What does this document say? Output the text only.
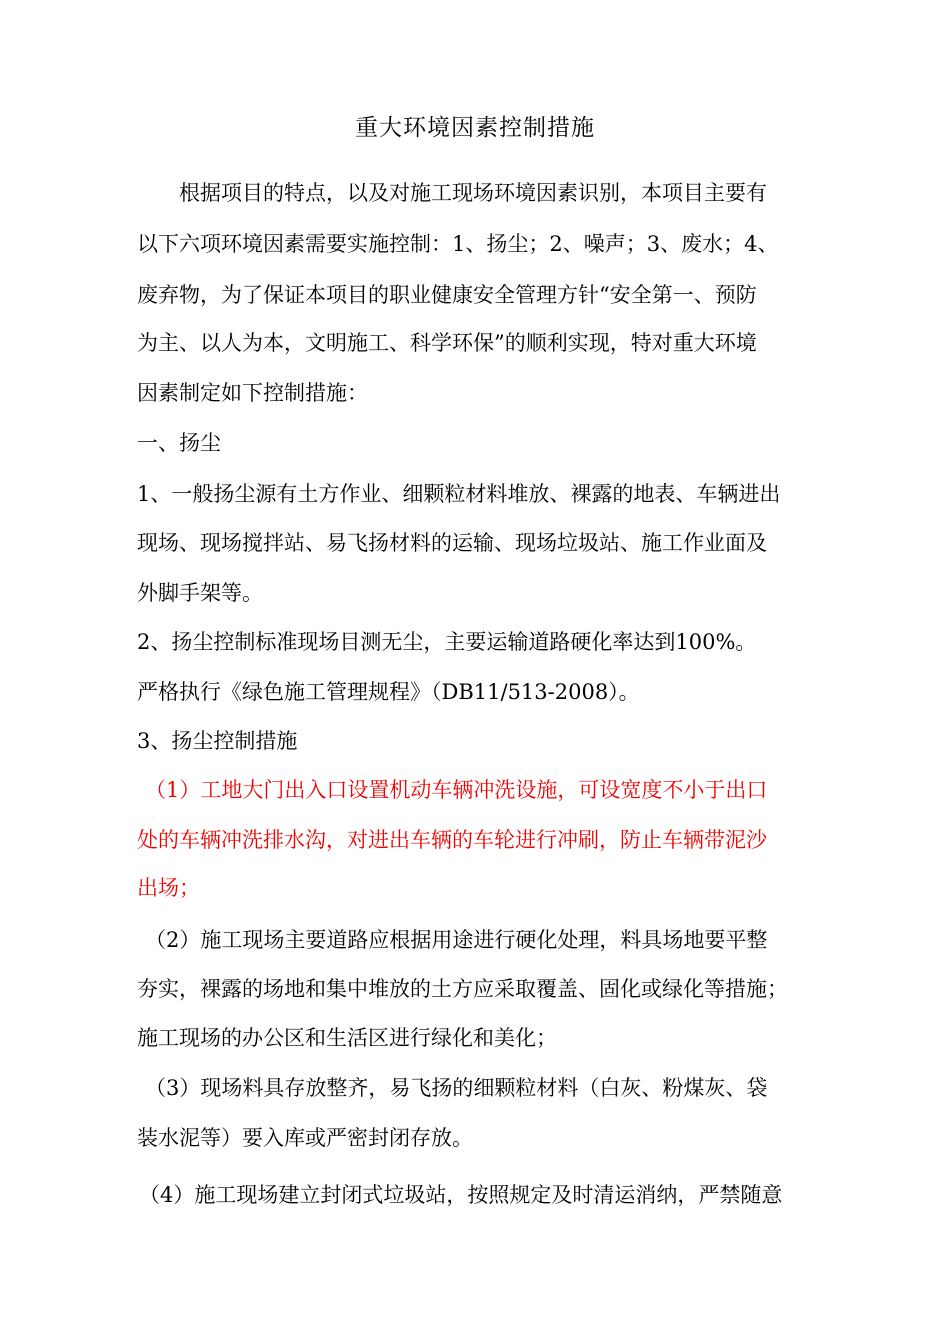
重大环境因素控制措施
　　根据项目的特点，以及对施工现场环境因素识别，本项目主要有
以下六项环境因素需要实施控制：1、扬尘；2、噪声；3、废水；4、
废弃物，为了保证本项目的职业健康安全管理方针“安全第一、预防
为主、以人为本，文明施工、科学环保”的顺利实现，特对重大环境
因素制定如下控制措施：
一、扬尘
1、一般扬尘源有土方作业、细颗粒材料堆放、裸露的地表、车辆进出
现场、现场搅拌站、易飞扬材料的运输、现场垃圾站、施工作业面及
外脚手架等。
2、扬尘控制标准现场目测无尘，主要运输道路硬化率达到100%。
严格执行《绿色施工管理规程》（DB11/513-2008）。
3、扬尘控制措施
（1）工地大门出入口设置机动车辆冲洗设施，可设宽度不小于出口
处的车辆冲洗排水沟，对进出车辆的车轮进行冲刷，防止车辆带泥沙
出场；
（2）施工现场主要道路应根据用途进行硬化处理，料具场地要平整
夯实，裸露的场地和集中堆放的土方应采取覆盖、固化或绿化等措施；
施工现场的办公区和生活区进行绿化和美化；
（3）现场料具存放整齐，易飞扬的细颗粒材料（白灰、粉煤灰、袋
装水泥等）要入库或严密封闭存放。
（4）施工现场建立封闭式垃圾站，按照规定及时清运消纳，严禁随意
